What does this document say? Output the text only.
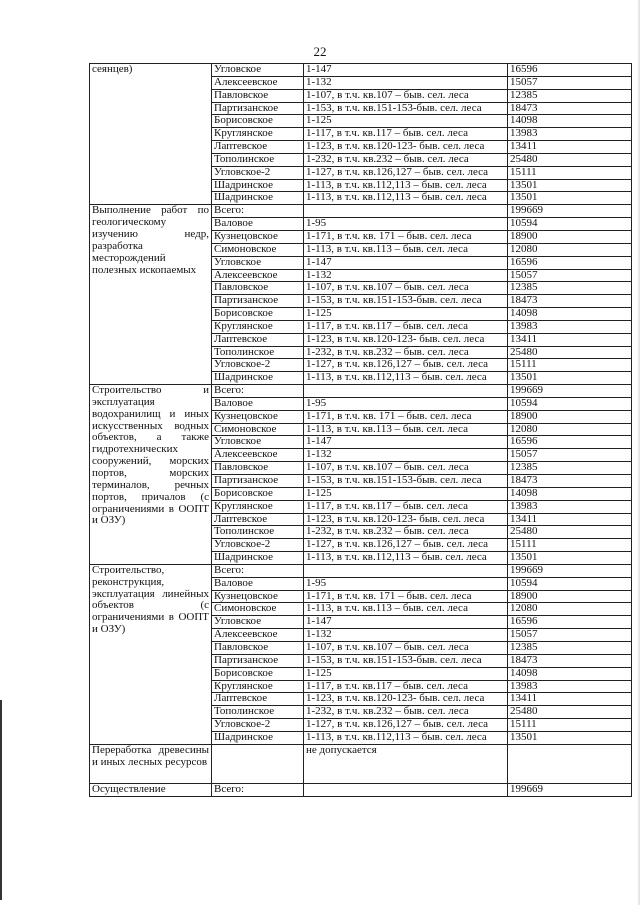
22
сеянцев)	Угловское	1-147	16596
	Алексеевское	1-132	15057
	Павловское	1-107, в т.ч. кв.107 – быв. сел. леса	12385
	Партизанское	1-153, в т.ч. кв.151-153-быв. сел. леса	18473
	Борисовское	1-125	14098
	Круглянское	1-117, в т.ч. кв.117 – быв. сел. леса	13983
	Лаптевское	1-123, в т.ч. кв.120-123- быв. сел. леса	13411
	Тополинское	1-232, в т.ч. кв.232 – быв. сел. леса	25480
	Угловское-2	1-127, в т.ч. кв.126,127 – быв. сел. леса	15111
	Шадринское	1-113, в т.ч. кв.112,113 – быв. сел. леса	13501
	Шадринское	1-113, в т.ч. кв.112,113 – быв. сел. леса	13501
Выполнение работ по геологическому изучению недр, разработка месторождений полезных ископаемых	Всего:		199669
	Валовое	1-95	10594
	Кузнецовское	1-171, в т.ч. кв. 171 – быв. сел. леса	18900
	Симоновское	1-113, в т.ч. кв.113 – быв. сел. леса	12080
	Угловское	1-147	16596
	Алексеевское	1-132	15057
	Павловское	1-107, в т.ч. кв.107 – быв. сел. леса	12385
	Партизанское	1-153, в т.ч. кв.151-153-быв. сел. леса	18473
	Борисовское	1-125	14098
	Круглянское	1-117, в т.ч. кв.117 – быв. сел. леса	13983
	Лаптевское	1-123, в т.ч. кв.120-123- быв. сел. леса	13411
	Тополинское	1-232, в т.ч. кв.232 – быв. сел. леса	25480
	Угловское-2	1-127, в т.ч. кв.126,127 – быв. сел. леса	15111
	Шадринское	1-113, в т.ч. кв.112,113 – быв. сел. леса	13501
Строительство и эксплуатация водохранилищ и иных искусственных водных объектов, а также гидротехнических сооружений, морских портов, морских терминалов, речных портов, причалов (с ограничениями в ООПТ и ОЗУ)	Всего:		199669
	Валовое	1-95	10594
	Кузнецовское	1-171, в т.ч. кв. 171 – быв. сел. леса	18900
	Симоновское	1-113, в т.ч. кв.113 – быв. сел. леса	12080
	Угловское	1-147	16596
	Алексеевское	1-132	15057
	Павловское	1-107, в т.ч. кв.107 – быв. сел. леса	12385
	Партизанское	1-153, в т.ч. кв.151-153-быв. сел. леса	18473
	Борисовское	1-125	14098
	Круглянское	1-117, в т.ч. кв.117 – быв. сел. леса	13983
	Лаптевское	1-123, в т.ч. кв.120-123- быв. сел. леса	13411
	Тополинское	1-232, в т.ч. кв.232 – быв. сел. леса	25480
	Угловское-2	1-127, в т.ч. кв.126,127 – быв. сел. леса	15111
	Шадринское	1-113, в т.ч. кв.112,113 – быв. сел. леса	13501
Строительство, реконструкция, эксплуатация линейных объектов (с ограничениями в ООПТ и ОЗУ)	Всего:		199669
	Валовое	1-95	10594
	Кузнецовское	1-171, в т.ч. кв. 171 – быв. сел. леса	18900
	Симоновское	1-113, в т.ч. кв.113 – быв. сел. леса	12080
	Угловское	1-147	16596
	Алексеевское	1-132	15057
	Павловское	1-107, в т.ч. кв.107 – быв. сел. леса	12385
	Партизанское	1-153, в т.ч. кв.151-153-быв. сел. леса	18473
	Борисовское	1-125	14098
	Круглянское	1-117, в т.ч. кв.117 – быв. сел. леса	13983
	Лаптевское	1-123, в т.ч. кв.120-123- быв. сел. леса	13411
	Тополинское	1-232, в т.ч. кв.232 – быв. сел. леса	25480
	Угловское-2	1-127, в т.ч. кв.126,127 – быв. сел. леса	15111
	Шадринское	1-113, в т.ч. кв.112,113 – быв. сел. леса	13501
Переработка древесины и иных лесных ресурсов		не допускается	
Осуществление	Всего:		199669
